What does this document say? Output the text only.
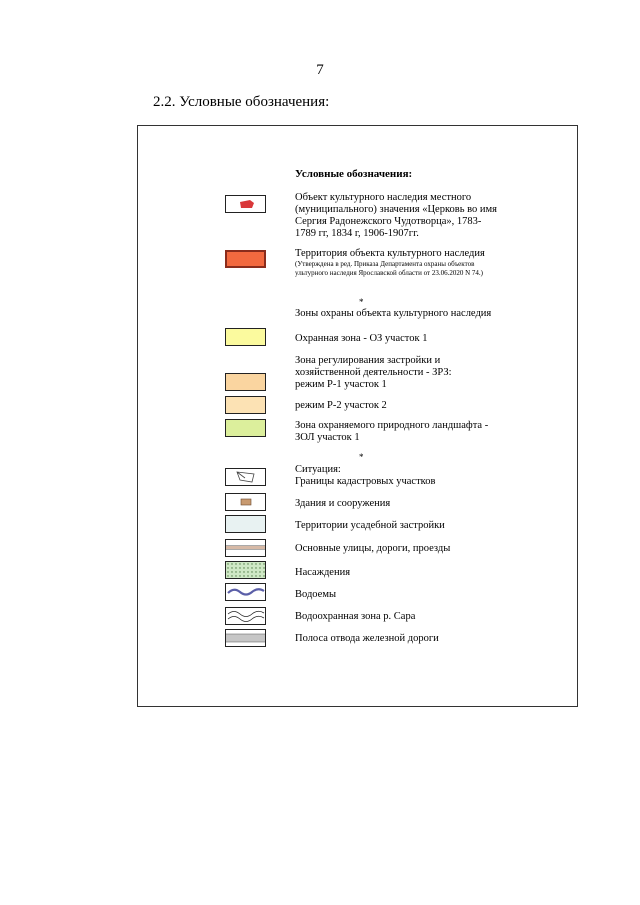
7
2.2. Условные обозначения:
Условные обозначения:
Объект культурного наследия местного (муниципального) значения «Церковь во имя Сергия Радонежского Чудотворца», 1783-1789 гг, 1834 г, 1906-1907гг.
Территория объекта культурного наследия
(Утверждена в ред. Приказа Департамента охраны объектов ультурного наследия Ярославской области от 23.06.2020 N 74.)
*
Зоны охраны объекта культурного наследия
Охранная зона - ОЗ участок 1
Зона регулирования застройки и хозяйственной деятельности - ЗРЗ:
режим Р-1 участок 1
режим Р-2 участок 2
Зона охраняемого природного ландшафта - ЗОЛ участок 1
*
Ситуация:
Границы кадастровых участков
Здания и сооружения
Территории усадебной застройки
Основные улицы, дороги, проезды
Насаждения
Водоемы
Водоохранная зона р. Сара
Полоса отвода железной дороги
